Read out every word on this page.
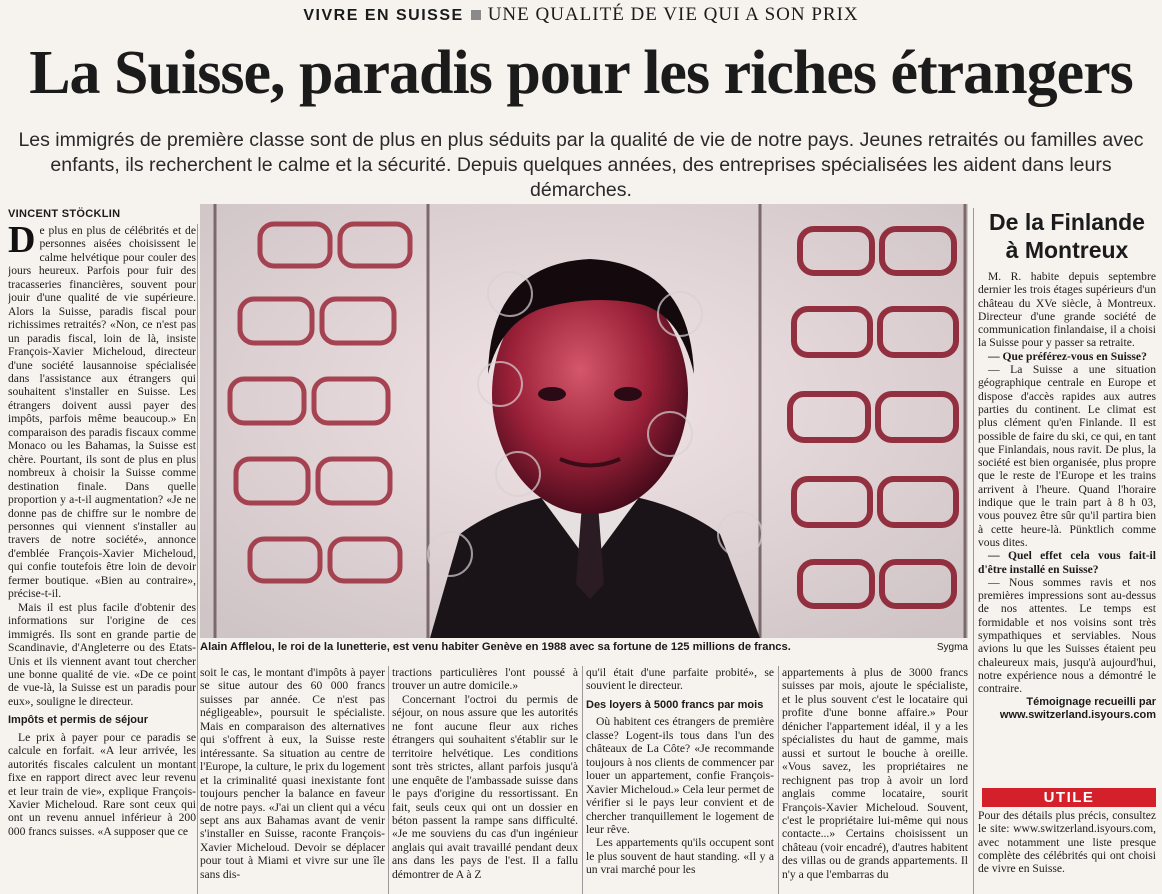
VIVRE EN SUISSE UNE QUALITÉ DE VIE QUI A SON PRIX
La Suisse, paradis pour les riches étrangers
Les immigrés de première classe sont de plus en plus séduits par la qualité de vie de notre pays. Jeunes retraités ou familles avec enfants, ils recherchent le calme et la sécurité. Depuis quelques années, des entreprises spécialisées les aident dans leurs démarches.
VINCENT STÖCKLIN

De plus en plus de célébrités et de personnes aisées choisissent le calme helvétique pour couler des jours heureux. Parfois pour fuir des tracasseries financières, souvent pour jouir d'une qualité de vie supérieure. Alors la Suisse, paradis fiscal pour richissimes retraités? «Non, ce n'est pas un paradis fiscal, loin de là, insiste François-Xavier Micheloud, directeur d'une société lausannoise spécialisée dans l'assistance aux étrangers qui souhaitent s'installer en Suisse. Les étrangers doivent aussi payer des impôts, parfois même beaucoup.» En comparaison des paradis fiscaux comme Monaco ou les Bahamas, la Suisse est chère. Pourtant, ils sont de plus en plus nombreux à choisir la Suisse comme destination finale. Dans quelle proportion y a-t-il augmentation? «Je ne donne pas de chiffre sur le nombre de personnes qui viennent s'installer au travers de notre société», annonce d'emblée François-Xavier Micheloud, qui confie toutefois être loin de devoir fermer boutique. «Bien au contraire», précise-t-il.

Mais il est plus facile d'obtenir des informations sur l'origine de ces immigrés. Ils sont en grande partie de Scandinavie, d'Angleterre ou des Etats-Unis et ils viennent avant tout chercher une bonne qualité de vie. «De ce point de vue-là, la Suisse est un paradis pour eux», souligne le directeur.

Impôts et permis de séjour

Le prix à payer pour ce paradis se calcule en forfait. «A leur arrivée, les autorités fiscales calculent un montant fixe en rapport direct avec leur revenu et leur train de vie», explique François-Xavier Micheloud. Rare sont ceux qui ont un revenu annuel inférieur à 200 000 francs suisses. «A supposer que ce

Alain Afflelou, le roi de la lunetterie, est venu habiter Genève en 1988 avec sa fortune de 125 millions de francs.	Sygma

soit le cas, le montant d'impôts à payer se situe autour des 60 000 francs suisses par année. Ce n'est pas négligeable», poursuit le spécialiste. Mais en comparaison des alternatives qui s'offrent à eux, la Suisse reste intéressante. Sa situation au centre de l'Europe, la culture, le prix du logement et la criminalité quasi inexistante font toujours pencher la balance en faveur de notre pays. «J'ai un client qui a vécu sept ans aux Bahamas avant de venir s'installer en Suisse, raconte François-Xavier Micheloud. Devoir se déplacer pour tout à Miami et vivre sur une île sans dis-

tractions particulières l'ont poussé à trouver un autre domicile.»

Concernant l'octroi du permis de séjour, on nous assure que les autorités ne font aucune fleur aux riches étrangers qui souhaitent s'établir sur le territoire helvétique. Les conditions sont très strictes, allant parfois jusqu'à une enquête de l'ambassade suisse dans le pays d'origine du ressortissant. En fait, seuls ceux qui ont un dossier en béton passent la rampe sans difficulté. «Je me souviens du cas d'un ingénieur anglais qui avait travaillé pendant deux ans dans les pays de l'est. Il a fallu démontrer de A à Z

qu'il était d'une parfaite probité», se souvient le directeur.

Des loyers à 5000 francs par mois

Où habitent ces étrangers de première classe? Logent-ils tous dans l'un des châteaux de La Côte? «Je recommande toujours à nos clients de commencer par louer un appartement, confie François-Xavier Micheloud.» Cela leur permet de vérifier si le pays leur convient et de chercher tranquillement le logement de leur rêve.

Les appartements qu'ils occupent sont le plus souvent de haut standing. «Il y a un vrai marché pour les

appartements à plus de 3000 francs suisses par mois, ajoute le spécialiste, et le plus souvent c'est le locataire qui profite d'une bonne affaire.» Pour dénicher l'appartement idéal, il y a les spécialistes du haut de gamme, mais aussi et surtout le bouche à oreille. «Vous savez, les propriétaires ne rechignent pas trop à avoir un lord anglais comme locataire, sourit François-Xavier Micheloud. Souvent, c'est le propriétaire lui-même qui nous contacte...» Certains choisissent un château (voir encadré), d'autres habitent des villas ou de grands appartements. Il n'y a que l'embarras du

De la Finlande
à Montreux

M. R. habite depuis septembre dernier les trois étages supérieurs d'un château du XVe siècle, à Montreux. Directeur d'une grande société de communication finlandaise, il a choisi la Suisse pour y passer sa retraite.

— Que préférez-vous en Suisse?

— La Suisse a une situation géographique centrale en Europe et dispose d'accès rapides aux autres parties du continent. Le climat est plus clément qu'en Finlande. Il est possible de faire du ski, ce qui, en tant que Finlandais, nous ravit. De plus, la société est bien organisée, plus propre que le reste de l'Europe et les trains arrivent à l'heure. Quand l'horaire indique que le train part à 8 h 03, vous pouvez être sûr qu'il partira bien à cette heure-là. Pünktlich comme vous dites.

— Quel effet cela vous fait-il d'être installé en Suisse?

— Nous sommes ravis et nos premières impressions sont au-dessus de nos attentes. Le temps est formidable et nos voisins sont très sympathiques et serviables. Nous avions lu que les Suisses étaient peu chaleureux mais, jusqu'à aujourd'hui, notre expérience nous a démontré le contraire.

Témoignage recueilli par

www.switzerland.isyours.com

UTILE
Pour des détails plus précis, consultez le site: www.switzerland.isyours.com, avec notamment une liste presque complète des célébrités qui ont choisi de vivre en Suisse.
